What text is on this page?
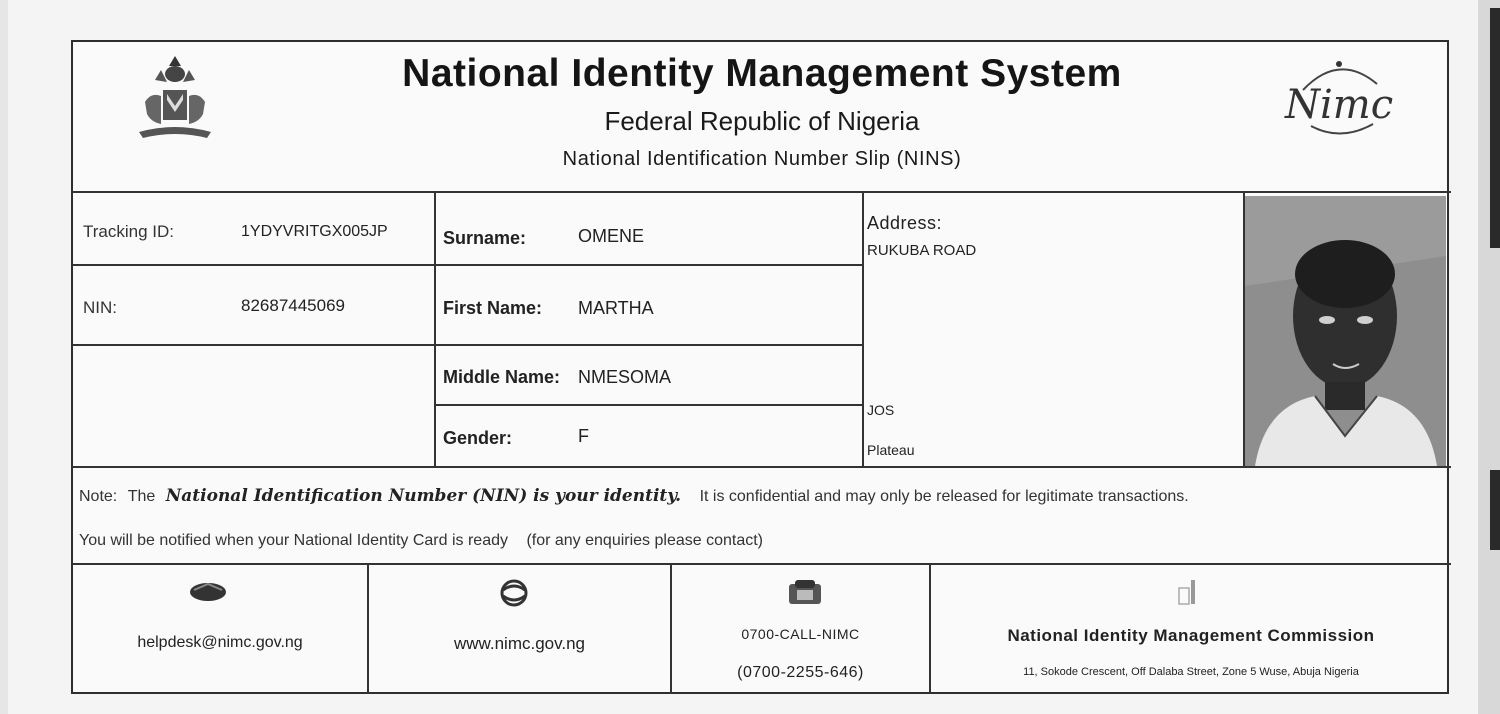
National Identity Management System
Federal Republic of Nigeria
National Identification Number Slip (NINS)
Nimc
Tracking ID:	1YDYVRITGX005JP
NIN:	82687445069
Surname:	OMENE
First Name: MARTHA
Middle Name: NMESOMA
Gender:	F
Address:
RUKUBA ROAD
JOS
Plateau
Note: The National Identification Number (NIN) is your identity. It is confidential and may only be released for legitimate transactions.
You will be notified when your National Identity Card is ready (for any enquiries please contact)
helpdesk@nimc.gov.ng	www.nimc.gov.ng	0700-CALL-NIMC
(0700-2255-646)
National Identity Management Commission
11, Sokode Crescent, Off Dalaba Street, Zone 5 Wuse, Abuja Nigeria
